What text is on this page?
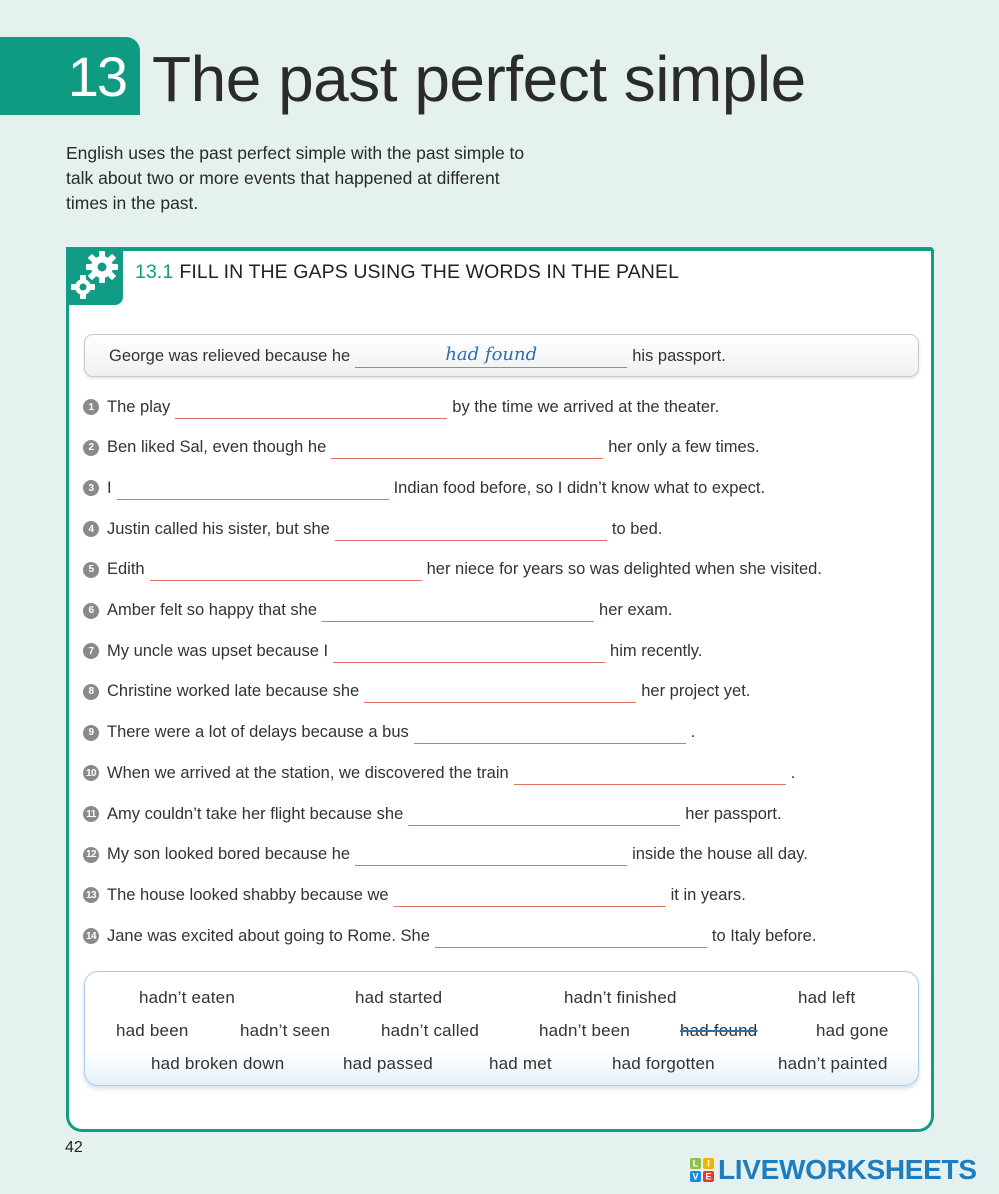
13 The past perfect simple
English uses the past perfect simple with the past simple to talk about two or more events that happened at different times in the past.
13.1 FILL IN THE GAPS USING THE WORDS IN THE PANEL
George was relieved because he	had found	his passport.
1 The play	by the time we arrived at the theater.
2 Ben liked Sal, even though he	her only a few times.
3 I	Indian food before, so I didn’t know what to expect.
4 Justin called his sister, but she	to bed.
5 Edith	her niece for years so was delighted when she visited.
6 Amber felt so happy that she	her exam.
7 My uncle was upset because I	him recently.
8 Christine worked late because she	her project yet.
9 There were a lot of delays because a bus	.
10 When we arrived at the station, we discovered the train	.
11 Amy couldn’t take her flight because she	her passport.
12 My son looked bored because he	inside the house all day.
13 The house looked shabby because we	it in years.
14 Jane was excited about going to Rome. She	to Italy before.
hadn’t eaten	had started	hadn’t finished	had left
had been	hadn’t seen	hadn’t called	hadn’t been	had found	had gone
had broken down	had passed	had met	had forgotten	hadn’t painted
42
L I
V E LIVEWORKSHEETS
